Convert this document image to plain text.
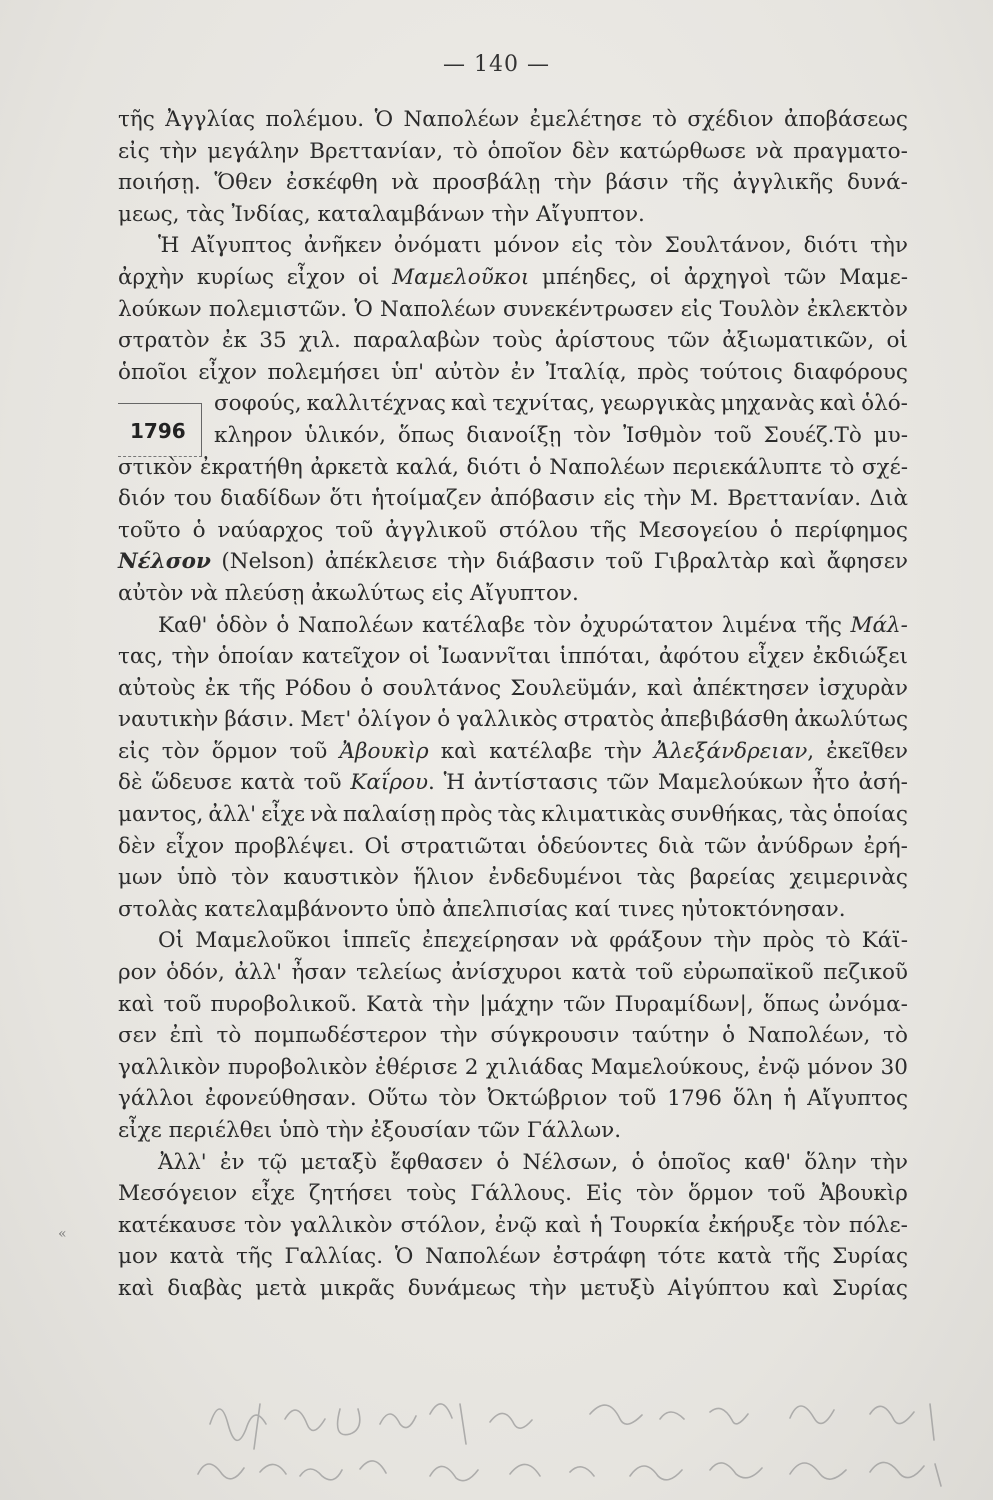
— 140 —
1796
τῆς Ἀγγλίας πολέμου. Ὁ Ναπολέων ἐμελέτησε τὸ σχέδιον ἀποβάσεως
εἰς τὴν μεγάλην Βρεττανίαν, τὸ ὁποῖον δὲν κατώρθωσε νὰ πραγματο-
ποιήσῃ. Ὅθεν ἐσκέφθη νὰ προσβάλῃ τὴν βάσιν τῆς ἀγγλικῆς δυνά-
μεως, τὰς Ἰνδίας, καταλαμβάνων τὴν Αἴγυπτον.
Ἡ Αἴγυπτος ἀνῆκεν ὀνόματι μόνον εἰς τὸν Σουλτάνον, διότι τὴν
ἀρχὴν κυρίως εἶχον οἱ Μαμελοῦκοι μπέηδες, οἱ ἀρχηγοὶ τῶν Μαμε-
λούκων πολεμιστῶν. Ὁ Ναπολέων συνεκέντρωσεν εἰς Τουλὸν ἐκλεκτὸν
στρατὸν ἐκ 35 χιλ. παραλαβὼν τοὺς ἀρίστους τῶν ἀξιωματικῶν, οἱ
ὁποῖοι εἶχον πολεμήσει ὑπ' αὐτὸν ἐν Ἰταλίᾳ, πρὸς τούτοις διαφόρους
σοφούς, καλλιτέχνας καὶ τεχνίτας, γεωργικὰς μηχανὰς καὶ ὁλό-
κληρον ὑλικόν, ὅπως διανοίξῃ τὸν Ἰσθμὸν τοῦ Σουέζ.Τὸ μυ-
στικὸν ἐκρατήθη ἀρκετὰ καλά, διότι ὁ Ναπολέων περιεκάλυπτε τὸ σχέ-
διόν του διαδίδων ὅτι ἡτοίμαζεν ἀπόβασιν εἰς τὴν Μ. Βρεττανίαν. Διὰ
τοῦτο ὁ ναύαρχος τοῦ ἀγγλικοῦ στόλου τῆς Μεσογείου ὁ περίφημος
Νέλσον (Nelson) ἀπέκλεισε τὴν διάβασιν τοῦ Γιβραλτὰρ καὶ ἄφησεν
αὐτὸν νὰ πλεύσῃ ἀκωλύτως εἰς Αἴγυπτον.
Καθ' ὁδὸν ὁ Ναπολέων κατέλαβε τὸν ὀχυρώτατον λιμένα τῆς Μάλ-
τας, τὴν ὁποίαν κατεῖχον οἱ Ἰωαννῖται ἱππόται, ἀφότου εἶχεν ἐκδιώξει
αὐτοὺς ἐκ τῆς Ρόδου ὁ σουλτάνος Σουλεϋμάν, καὶ ἀπέκτησεν ἰσχυρὰν
ναυτικὴν βάσιν. Μετ' ὀλίγον ὁ γαλλικὸς στρατὸς ἀπεβιβάσθη ἀκωλύτως
εἰς τὸν ὅρμον τοῦ Ἀβουκὶρ καὶ κατέλαβε τὴν Ἀλεξάνδρειαν, ἐκεῖθεν
δὲ ὥδευσε κατὰ τοῦ Καΐρου. Ἡ ἀντίστασις τῶν Μαμελούκων ἦτο ἀσή-
μαντος, ἀλλ' εἶχε νὰ παλαίσῃ πρὸς τὰς κλιματικὰς συνθήκας, τὰς ὁποίας
δὲν εἶχον προβλέψει. Οἱ στρατιῶται ὁδεύοντες διὰ τῶν ἀνύδρων ἐρή-
μων ὑπὸ τὸν καυστικὸν ἥλιον ἐνδεδυμένοι τὰς βαρείας χειμερινὰς
στολὰς κατελαμβάνοντο ὑπὸ ἀπελπισίας καί τινες ηὐτοκτόνησαν.
Οἱ Μαμελοῦκοι ἱππεῖς ἐπεχείρησαν νὰ φράξουν τὴν πρὸς τὸ Κάϊ-
ρον ὁδόν, ἀλλ' ἦσαν τελείως ἀνίσχυροι κατὰ τοῦ εὐρωπαϊκοῦ πεζικοῦ
καὶ τοῦ πυροβολικοῦ. Κατὰ τὴν |μάχην τῶν Πυραμίδων|, ὅπως ὠνόμα-
σεν ἐπὶ τὸ πομπωδέστερον τὴν σύγκρουσιν ταύτην ὁ Ναπολέων, τὸ
γαλλικὸν πυροβολικὸν ἐθέρισε 2 χιλιάδας Μαμελούκους, ἐνῷ μόνον 30
γάλλοι ἐφονεύθησαν. Οὕτω τὸν Ὀκτώβριον τοῦ 1796 ὅλη ἡ Αἴγυπτος
εἶχε περιέλθει ὑπὸ τὴν ἐξουσίαν τῶν Γάλλων.
Ἀλλ' ἐν τῷ μεταξὺ ἔφθασεν ὁ Νέλσων, ὁ ὁποῖος καθ' ὅλην τὴν
Μεσόγειον εἶχε ζητήσει τοὺς Γάλλους. Εἰς τὸν ὅρμον τοῦ Ἀβουκὶρ
κατέκαυσε τὸν γαλλικὸν στόλον, ἐνῷ καὶ ἡ Τουρκία ἐκήρυξε τὸν πόλε-
μον κατὰ τῆς Γαλλίας. Ὁ Ναπολέων ἐστράφη τότε κατὰ τῆς Συρίας
καὶ διαβὰς μετὰ μικρᾶς δυνάμεως τὴν μετυξὺ Αἰγύπτου καὶ Συρίας
«
